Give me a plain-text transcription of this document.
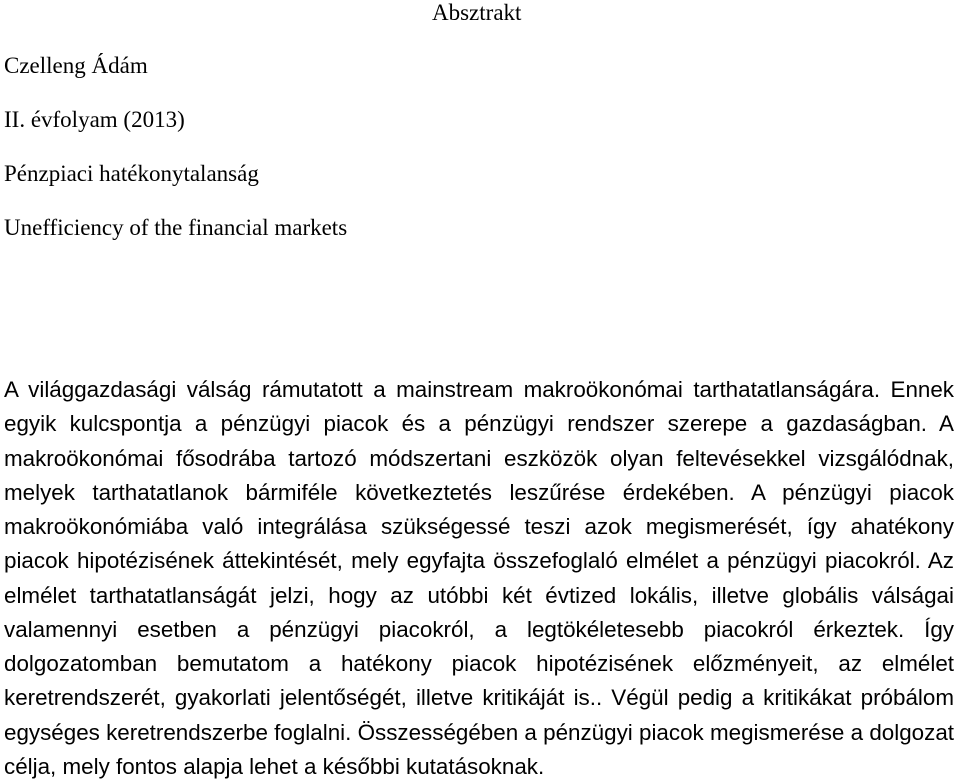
Absztrakt

Czelleng Ádám

II. évfolyam (2013)

Pénzpiaci hatékonytalanság

Unefficiency of the financial markets

A világgazdasági válság rámutatott a mainstream makroökonómai tarthatatlanságára. Ennek egyik kulcspontja a pénzügyi piacok és a pénzügyi rendszer szerepe a gazdaságban. A makroökonómai fősodrába tartozó módszertani eszközök olyan feltevésekkel vizsgálódnak, melyek tarthatatlanok bármiféle következtetés leszűrése érdekében. A pénzügyi piacok makroökonómiába való integrálása szükségessé teszi azok megismerését, így ahatékony piacok hipotézisének áttekintését, mely egyfajta összefoglaló elmélet a pénzügyi piacokról. Az elmélet tarthatatlanságát jelzi, hogy az utóbbi két évtized lokális, illetve globális válságai valamennyi esetben a pénzügyi piacokról, a legtökéletesebb piacokról érkeztek. Így dolgozatomban bemutatom a hatékony piacok hipotézisének előzményeit, az elmélet keretrendszerét, gyakorlati jelentőségét, illetve kritikáját is.. Végül pedig a kritikákat próbálom egységes keretrendszerbe foglalni. Összességében a pénzügyi piacok megismerése a dolgozat célja, mely fontos alapja lehet a későbbi kutatásoknak.
